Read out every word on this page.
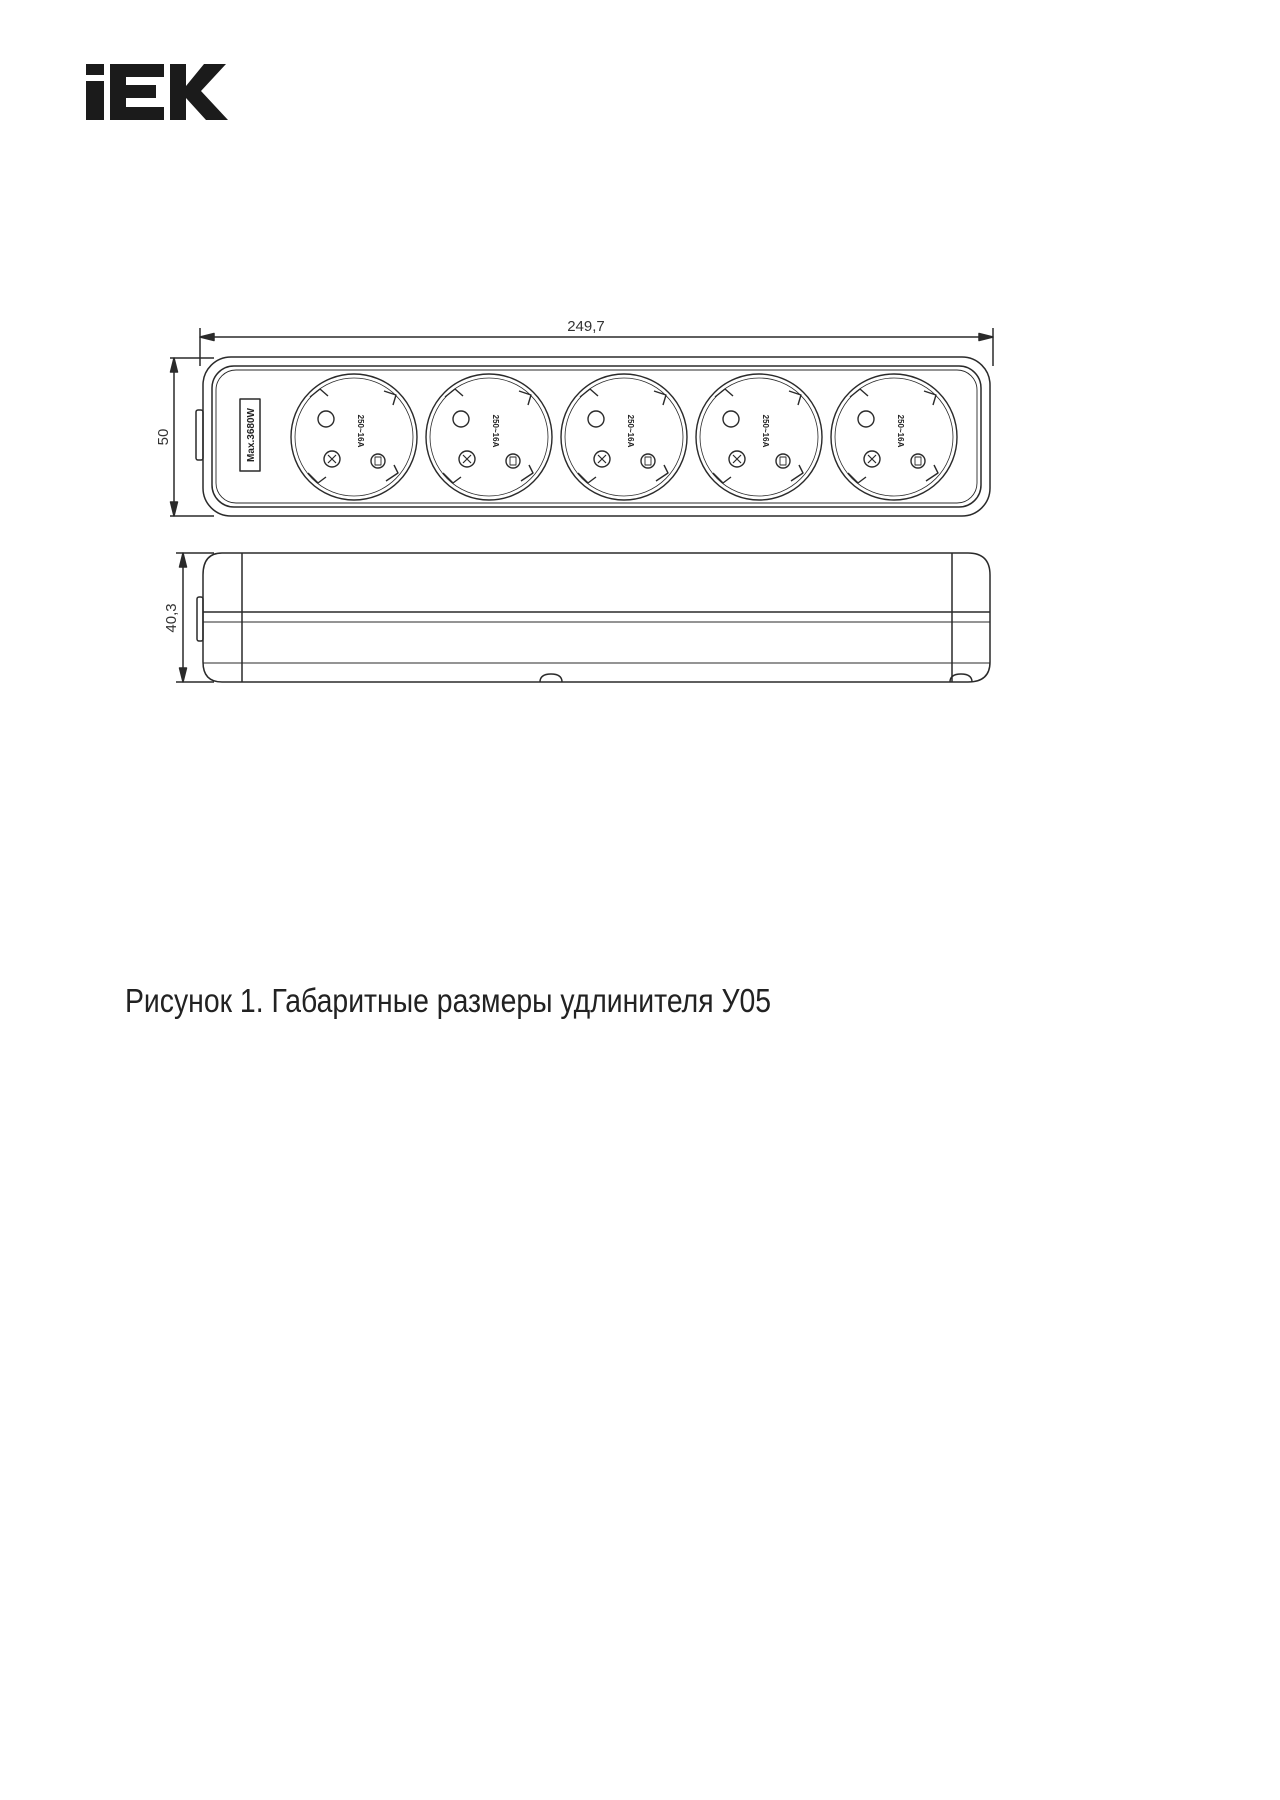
250~16A	250~16A	250~16A	250~16A	250~16A
249,7
50
40,3
Max.3680W
Рисунок 1. Габаритные размеры удлинителя У05
